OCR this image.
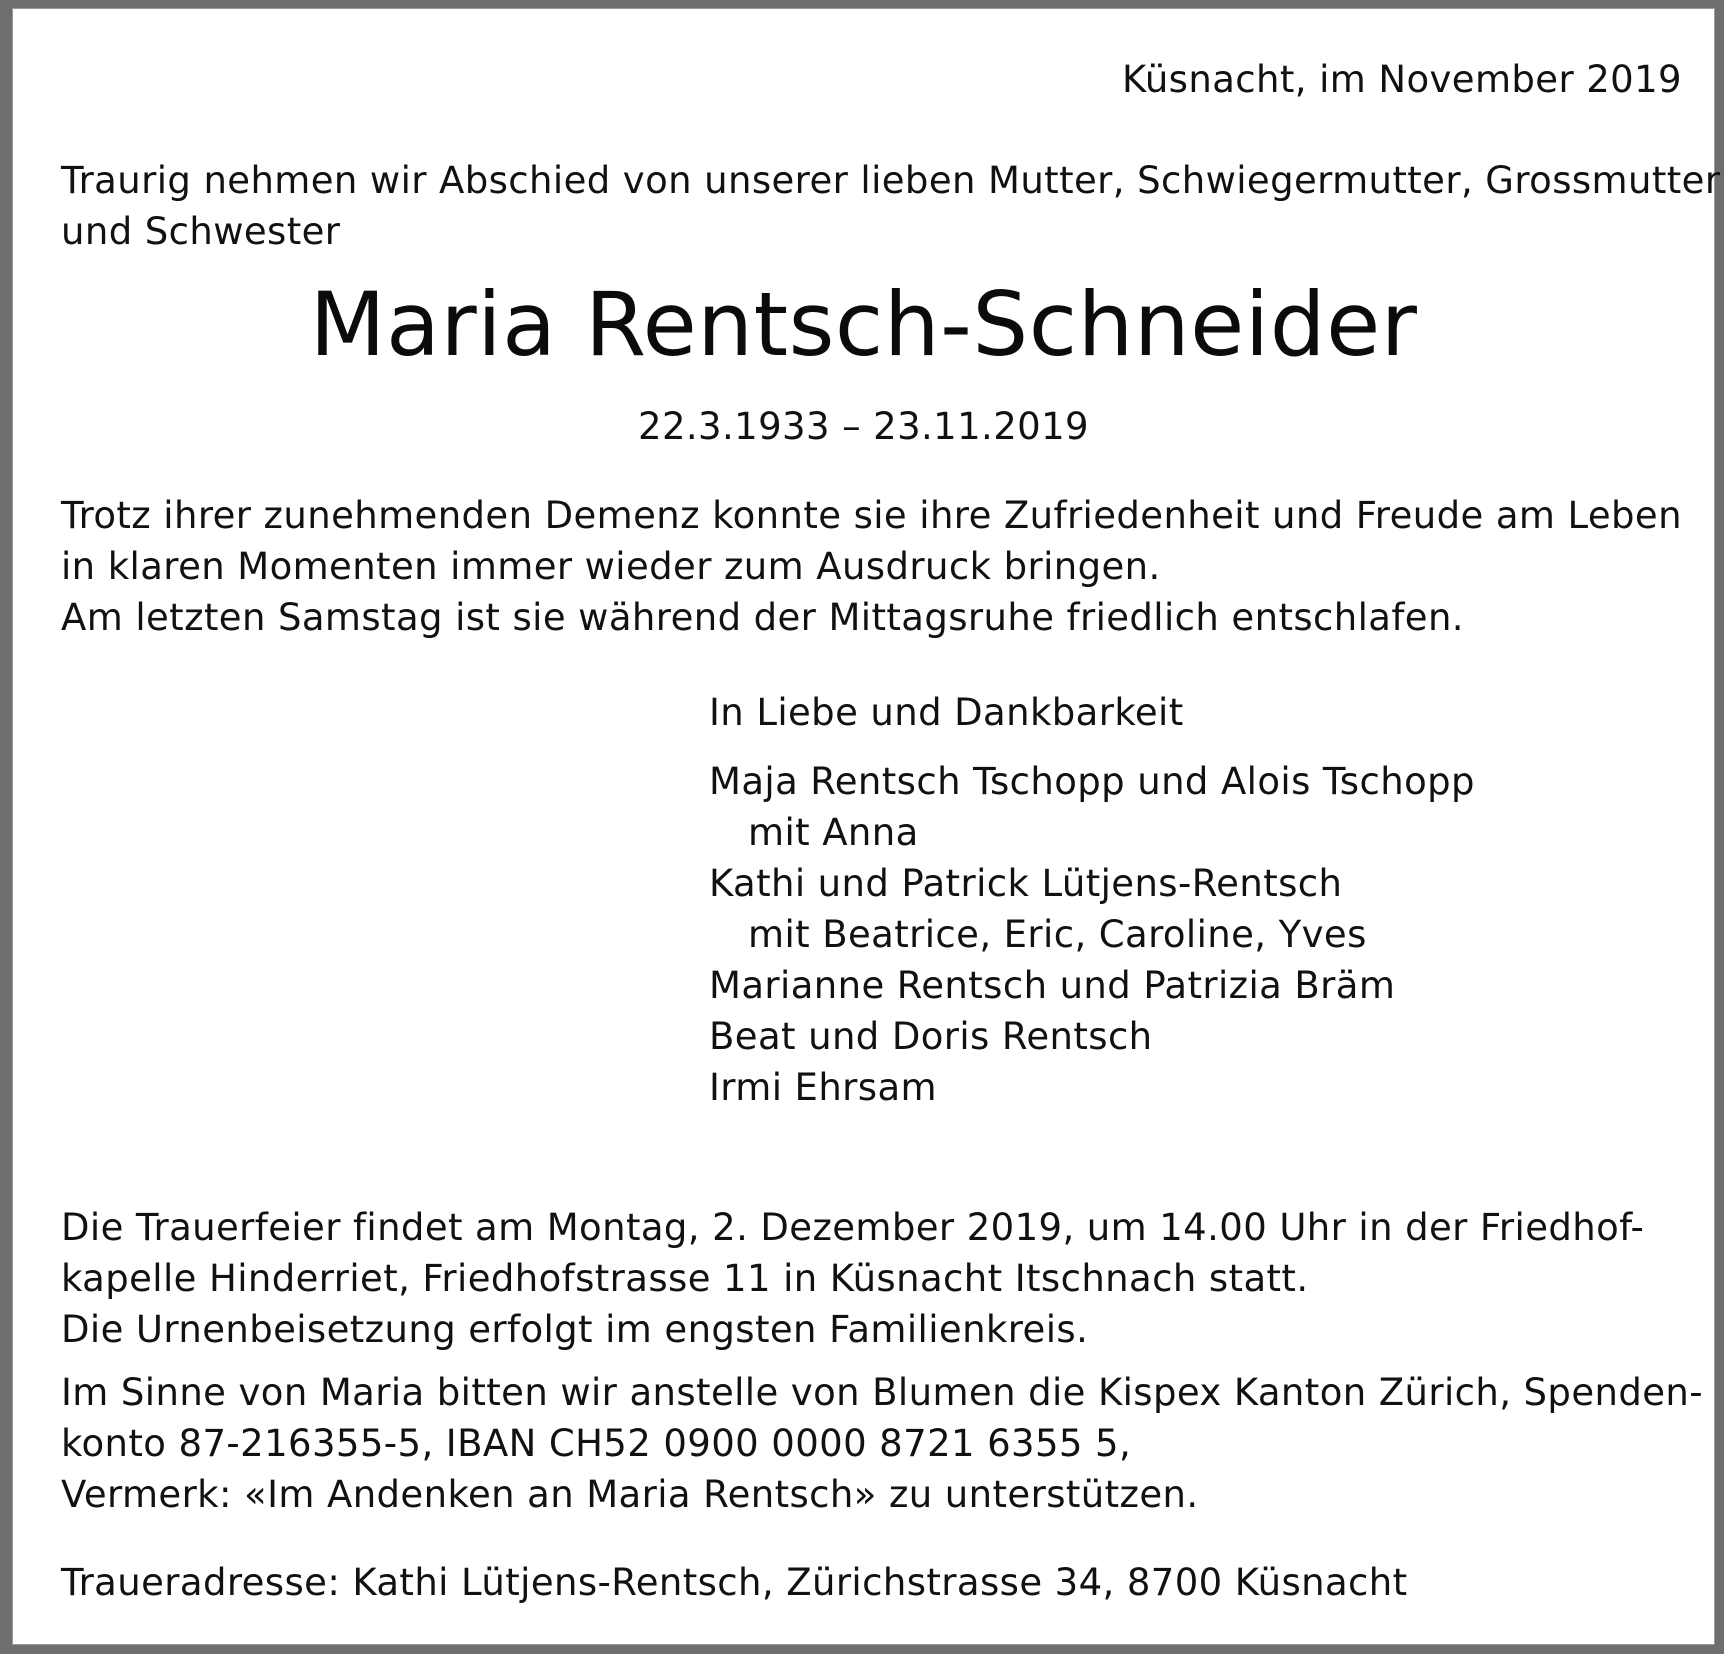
Küsnacht, im November 2019
Traurig nehmen wir Abschied von unserer lieben Mutter, Schwiegermutter, Grossmutter
und Schwester
Maria Rentsch-Schneider
22.3.1933 – 23.11.2019
Trotz ihrer zunehmenden Demenz konnte sie ihre Zufriedenheit und Freude am Leben
in klaren Momenten immer wieder zum Ausdruck bringen.
Am letzten Samstag ist sie während der Mittagsruhe friedlich entschlafen.
In Liebe und Dankbarkeit
Maja Rentsch Tschopp und Alois Tschopp
mit Anna
Kathi und Patrick Lütjens-Rentsch
mit Beatrice, Eric, Caroline, Yves
Marianne Rentsch und Patrizia Bräm
Beat und Doris Rentsch
Irmi Ehrsam
Die Trauerfeier findet am Montag, 2. Dezember 2019, um 14.00 Uhr in der Friedhof-
kapelle Hinderriet, Friedhofstrasse 11 in Küsnacht Itschnach statt.
Die Urnenbeisetzung erfolgt im engsten Familienkreis.
Im Sinne von Maria bitten wir anstelle von Blumen die Kispex Kanton Zürich, Spenden-
konto 87-216355-5, IBAN CH52 0900 0000 8721 6355 5,
Vermerk: «Im Andenken an Maria Rentsch» zu unterstützen.
Traueradresse: Kathi Lütjens-Rentsch, Zürichstrasse 34, 8700 Küsnacht
